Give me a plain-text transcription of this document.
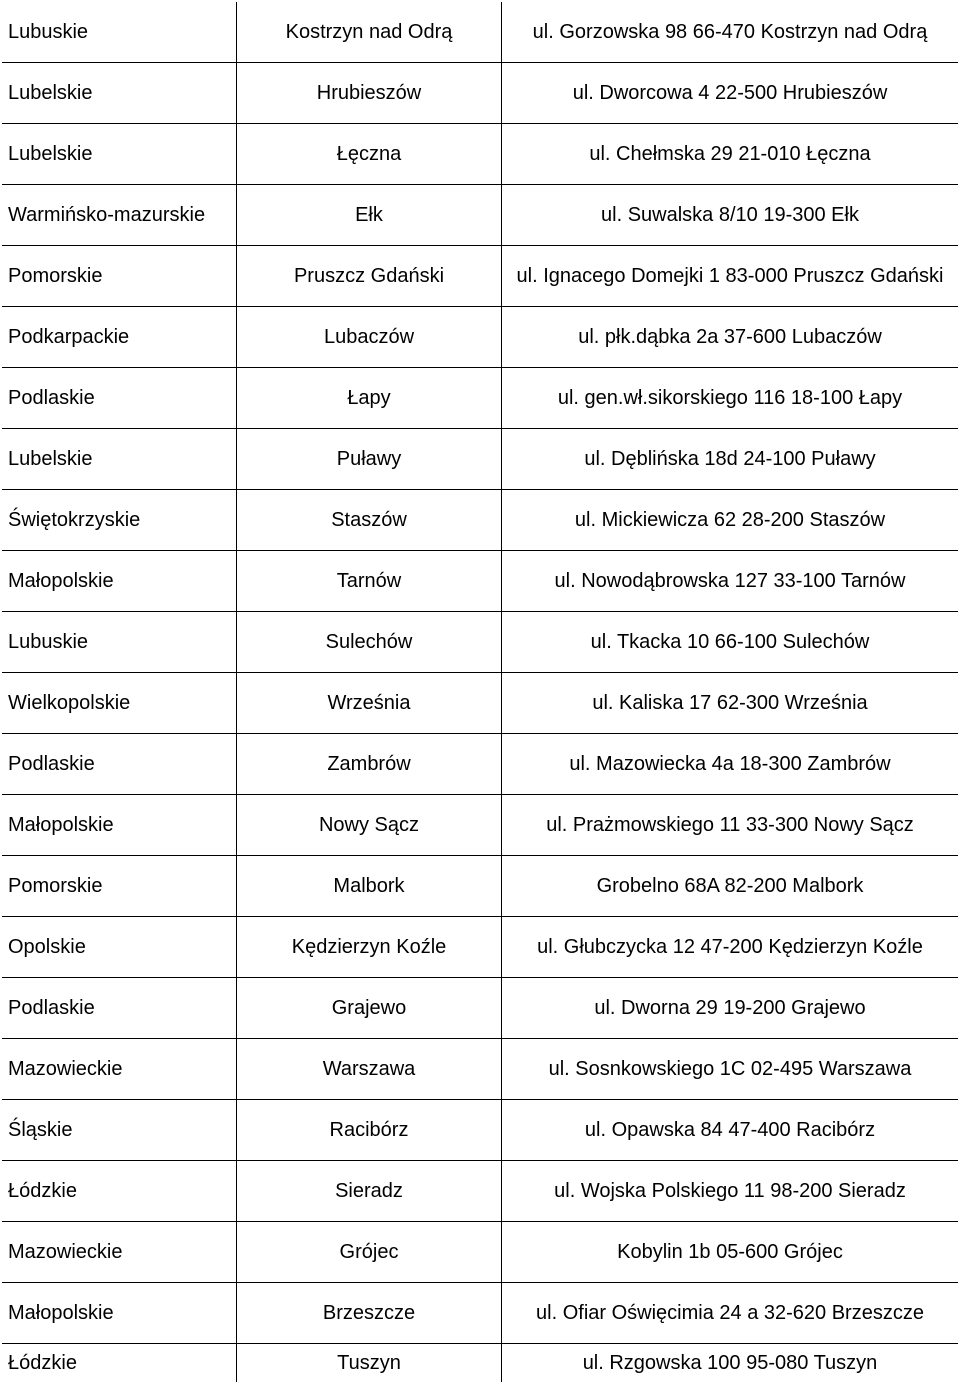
Lubuskie	Kostrzyn nad Odrą	ul. Gorzowska 98 66-470 Kostrzyn nad Odrą
Lubelskie	Hrubieszów	ul. Dworcowa 4 22-500 Hrubieszów
Lubelskie	Łęczna	ul. Chełmska 29 21-010 Łęczna
Warmińsko-mazurskie	Ełk	ul. Suwalska 8/10 19-300 Ełk
Pomorskie	Pruszcz Gdański	ul. Ignacego Domejki 1 83-000 Pruszcz Gdański
Podkarpackie	Lubaczów	ul. płk.dąbka 2a 37-600 Lubaczów
Podlaskie	Łapy	ul. gen.wł.sikorskiego 116 18-100 Łapy
Lubelskie	Puławy	ul. Dęblińska 18d 24-100 Puławy
Świętokrzyskie	Staszów	ul. Mickiewicza 62 28-200 Staszów
Małopolskie	Tarnów	ul. Nowodąbrowska 127 33-100 Tarnów
Lubuskie	Sulechów	ul. Tkacka 10 66-100 Sulechów
Wielkopolskie	Września	ul. Kaliska 17 62-300 Września
Podlaskie	Zambrów	ul. Mazowiecka 4a 18-300 Zambrów
Małopolskie	Nowy Sącz	ul. Prażmowskiego 11 33-300 Nowy Sącz
Pomorskie	Malbork	Grobelno 68A 82-200 Malbork
Opolskie	Kędzierzyn Koźle	ul. Głubczycka 12 47-200 Kędzierzyn Koźle
Podlaskie	Grajewo	ul. Dworna 29 19-200 Grajewo
Mazowieckie	Warszawa	ul. Sosnkowskiego 1C 02-495 Warszawa
Śląskie	Racibórz	ul. Opawska 84 47-400 Racibórz
Łódzkie	Sieradz	ul. Wojska Polskiego 11 98-200 Sieradz
Mazowieckie	Grójec	Kobylin 1b 05-600 Grójec
Małopolskie	Brzeszcze	ul. Ofiar Oświęcimia 24 a 32-620 Brzeszcze
Łódzkie	Tuszyn	ul. Rzgowska 100 95-080 Tuszyn
